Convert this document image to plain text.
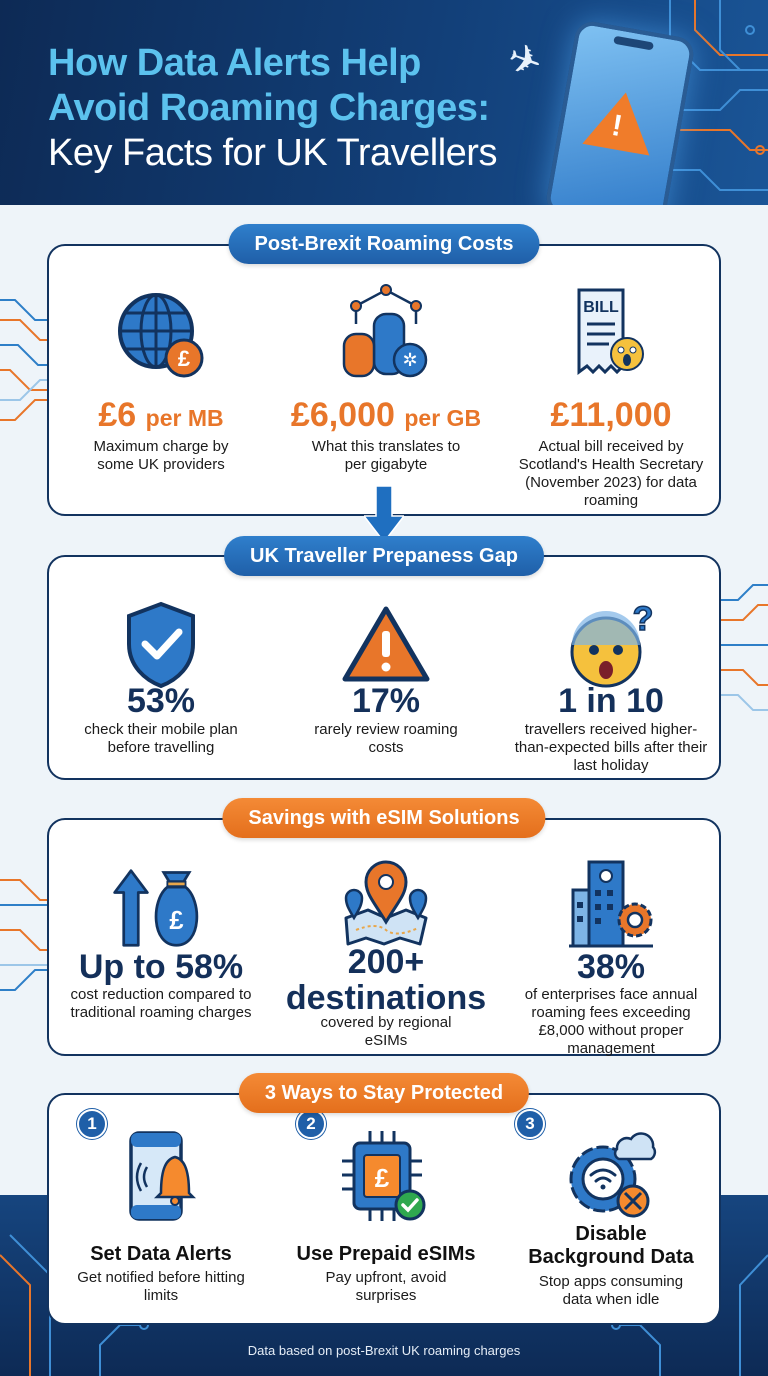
How Data Alerts Help
Avoid Roaming Charges:
Key Facts for UK Travellers
✈
!
£
£6 per MB
Maximum charge by some UK providers
✲
£6,000 per GB
What this translates to per gigabyte
BILL
£11,000
Actual bill received by Scotland's Health Secretary (November 2023) for data roaming
Post-Brexit Roaming Costs
53%
check their mobile plan before travelling
17%
rarely review roaming costs
?
1 in 10
travellers received higher-than-expected bills after their last holiday
UK Traveller Prepaness Gap
£
Up to 58%
cost reduction compared to traditional roaming charges
200+
destinations
covered by regional eSIMs
38%
of enterprises face annual roaming fees exceeding £8,000 without proper management
Savings with eSIM Solutions
1
Set Data Alerts
Get notified before hitting limits
2
£
Use Prepaid eSIMs
Pay upfront, avoid surprises
3
Disable
Background Data
Stop apps consuming data when idle
3 Ways to Stay Protected
Data based on post-Brexit UK roaming charges
